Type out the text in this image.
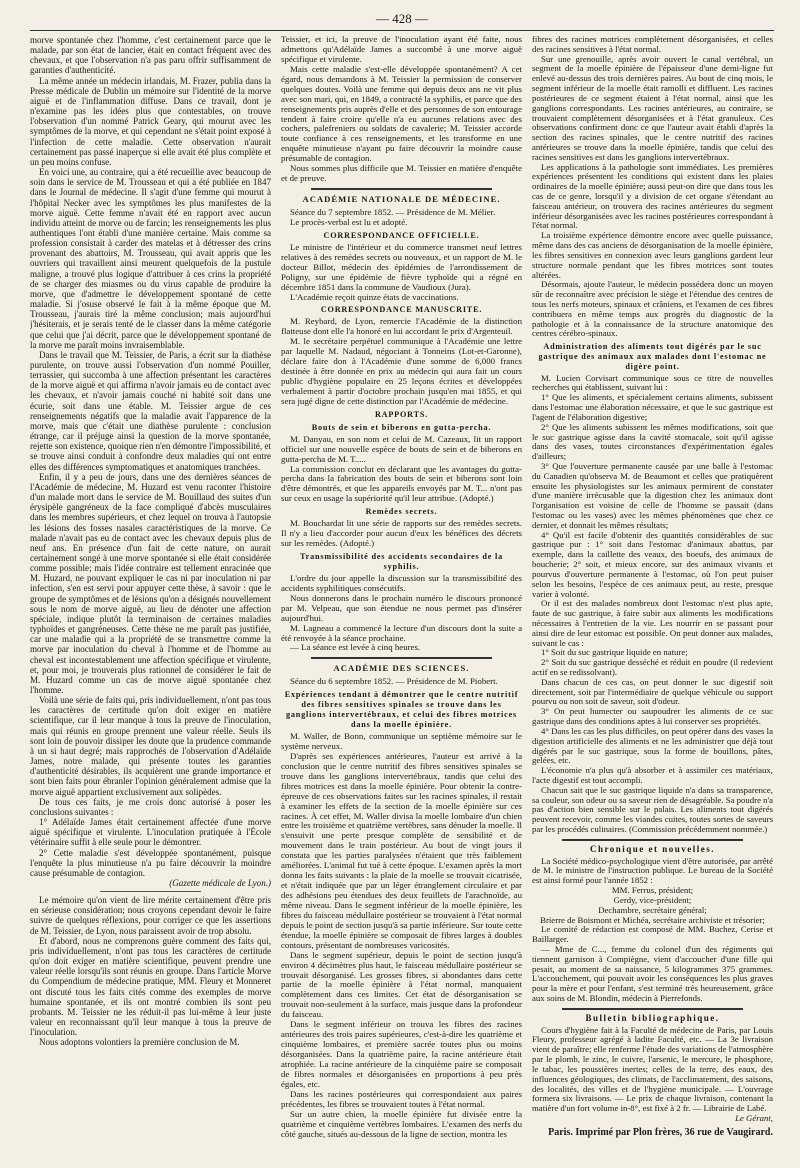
— 428 —

morve spontanée chez l'homme, c'est certainement parce que le malade, par son état de lancier, était en contact fréquent avec des chevaux, et que l'observation n'a pas paru offrir suffisamment de garanties d'authenticité.

La même année un médecin irlandais, M. Frazer, publia dans la Presse médicale de Dublin un mémoire sur l'identité de la morve aiguë et de l'inflammation diffuse. Dans ce travail, dont je n'examine pas les idées plus que contestables, on trouve l'observation d'un nommé Patrick Geary, qui mourut avec les symptômes de la morve, et qui cependant ne s'était point exposé à l'infection de cette maladie. Cette observation n'aurait certainement pas passé inaperçue si elle avait été plus complète et un peu moins confuse.

En voici une, au contraire, qui a été recueillie avec beaucoup de soin dans le service de M. Trousseau et qui a été publiée en 1847 dans le Journal de médecine. Il s'agit d'une femme qui mourut à l'hôpital Necker avec les symptômes les plus manifestes de la morve aiguë. Cette femme n'avait été en rapport avec aucun individu atteint de morve ou de farcin; les renseignements les plus authentiques l'ont établi d'une manière certaine. Mais comme sa profession consistait à carder des matelas et à détresser des crins provenant des abattoirs, M. Trousseau, qui avait appris que les ouvriers qui travaillent ainsi meurent quelquefois de la pustule maligne, a trouvé plus logique d'attribuer à ces crins la propriété de se charger des miasmes ou du virus capable de produire la morve, que d'admettre le développement spontané de cette maladie. Si j'osuse observé le fait à la même époque que M. Trousseau, j'aurais tiré la même conclusion; mais aujourd'hui j'hésiterais, et je serais tenté de le classer dans la même catégorie que celui que j'ai décrit, parce que le développement spontané de la morve me paraît moins invraisemblable.

Dans le travail que M. Teissier, de Paris, a écrit sur la diathèse purulente, on trouve aussi l'observation d'un nommé Pouiller, terrassier, qui succomba à une affection présentant les caractères de la morve aiguë et qui affirma n'avoir jamais eu de contact avec les chevaux, et n'avoir jamais couché ni habité soit dans une écurie, soit dans une étable. M. Teissier argue de ces renseignements négatifs que la maladie avait l'apparence de la morve, mais que c'était une diathèse purulente : conclusion étrange, car il préjuge ainsi la question de la morve spontanée, rejette son existence, quoique rien n'en démontre l'impossibilité, et se trouve ainsi conduit à confondre deux maladies qui ont entre elles des différences symptomatiques et anatomiques tranchées.

Enfin, il y a peu de jours, dans une des dernières séances de l'Académie de médecine, M. Huzard est venu raconter l'histoire d'un malade mort dans le service de M. Bouillaud des suites d'un érysipèle gangréneux de la face compliqué d'abcès musculaires dans les membres supérieurs, et chez lequel on trouva à l'autopsie les lésions des fosses nasales caractéristiques de la morve. Ce malade n'avait pas eu de contact avec les chevaux depuis plus de neuf ans. En présence d'un fait de cette nature, on aurait certainement songé à une morve spontanée si elle était considérée comme possible; mais l'idée contraire est tellement enracinée que M. Huzard, ne pouvant expliquer le cas ni par inoculation ni par infection, s'en est servi pour appuyer cette thèse, à savoir : que le groupe de symptômes et de lésions qu'on a désignés nouvellement sous le nom de morve aiguë, au lieu de dénoter une affection spéciale, indique plutôt la terminaison de certaines maladies typhoïdes et gangréneuses. Cette thèse ne me paraît pas justifiée, car une maladie qui a la propriété de se transmettre comme la morve par inoculation du cheval à l'homme et de l'homme au cheval est incontestablement une affection spécifique et virulente, et, pour moi, je trouverais plus rationnel de considérer le fait de M. Huzard comme un cas de morve aiguë spontanée chez l'homme.

Voilà une série de faits qui, pris individuellement, n'ont pas tous les caractères de certitude qu'on doit exiger en matière scientifique, car il leur manque à tous la preuve de l'inoculation, mais qui réunis en groupe prennent une valeur réelle. Seuls ils sont loin de pouvoir dissiper les doute que la prudence commande à un si haut degré; mais rapprochés de l'observation d'Adélaïde James, notre malade, qui présente toutes les garanties d'authenticité désirables, ils acquièrent une grande importance et sont bien faits pour ébranler l'opinion généralement admise que la morve aiguë appartient exclusivement aux solipèdes.

De tous ces faits, je me crois donc autorisé à poser les conclusions suivantes :

1° Adélaïde James était certainement affectée d'une morve aiguë spécifique et virulente. L'inoculation pratiquée à l'École vétérinaire suffit à elle seule pour le démontrer.

2° Cette maladie s'est développée spontanément, puisque l'enquête la plus minutieuse n'a pu faire découvrir la moindre cause présumable de contagion.

(Gazette médicale de Lyon.)

Le mémoire qu'on vient de lire mérite certainement d'être pris en sérieuse considération; nous croyons cependant devoir le faire suivre de quelques réflexions, pour corriger ce que les assertions de M. Teissier, de Lyon, nous paraissent avoir de trop absolu.

Et d'abord, nous ne comprenons guère comment des faits qui, pris individuellement, n'ont pas tous les caractères de certitude qu'on doit exiger en matière scientifique, peuvent prendre une valeur réelle lorsqu'ils sont réunis en groupe. Dans l'article Morve du Compendium de médecine pratique, MM. Fleury et Monneret ont discuté tous les faits cités comme des exemples de morve humaine spontanée, et ils ont montré combien ils sont peu probants. M. Teissier ne les réduit-il pas lui-même à leur juste valeur en reconnaissant qu'il leur manque à tous la preuve de l'inoculation.

Nous adoptons volontiers la première conclusion de M.

Teissier, et ici, la preuve de l'inoculation ayant été faite, nous admettons qu'Adélaïde James a succombé à une morve aiguë spécifique et virulente.

Mais cette maladie s'est-elle développée spontanément? A cet égard, nous demandons à M. Teissier la permission de conserver quelques doutes. Voilà une femme qui depuis deux ans ne vit plus avec son mari, qui, en 1849, a contracté la syphilis, et parce que des renseignements pris auprès d'elle et des personnes de son entourage tendent à faire croire qu'elle n'a eu aucunes relations avec des cochers, palefreniers ou soldats de cavalerie; M. Teissier accorde toute confiance à ces renseignements, et les transforme en une enquête minutieuse n'ayant pu faire découvrir la moindre cause présumable de contagion.

Nous sommes plus difficile que M. Teissier en matière d'enquête et de preuve.

ACADÉMIE NATIONALE DE MÉDECINE.

Séance du 7 septembre 1852. — Présidence de M. Mélier.

Le procès-verbal est lu et adopté.

CORRESPONDANCE OFFICIELLE.

Le ministre de l'intérieur et du commerce transmet neuf lettres relatives à des remèdes secrets ou nouveaux, et un rapport de M. le docteur Billot, médecin des épidémies de l'arrondissement de Poligny, sur une épidémie de fièvre typhoïde qui a régné en décembre 1851 dans la commune de Vaudioux (Jura).

L'Académie reçoit quinze états de vaccinations.

CORRESPONDANCE MANUSCRITE.

M. Reybard, de Lyon, remercie l'Académie de la distinction flatteuse dont elle l'a honoré en lui accordant le prix d'Argenteuil.

M. le secrétaire perpétuel communique à l'Académie une lettre par laquelle M. Nadaud, négociant à Tonneins (Lot-et-Garonne), déclare faire don à l'Académie d'une somme de 6,000 francs destinée à être donnée en prix au médecin qui aura fait un cours public d'hygiène populaire en 25 leçons écrites et développées verbalement à partir d'octobre prochain jusqu'en mai 1855, et qui sera jugé digne de cette distinction par l'Académie de médecine.

RAPPORTS.
Bouts de sein et biberons en gutta-percha.

M. Danyau, en son nom et celui de M. Cazeaux, lit un rapport officiel sur une nouvelle espèce de bouts de sein et de biberons en gutta-percha de M. T.....

La commission conclut en déclarant que les avantages du gutta-percha dans la fabrication des bouts de sein et biberons sont loin d'être démontrés, et que les appareils envoyés par M. T... n'ont pas sur ceux en usage la supériorité qu'il leur attribue. (Adopté.)

Remèdes secrets.

M. Bouchardat lit une série de rapports sur des remèdes secrets. Il n'y a lieu d'accorder pour aucun d'eux les bénéfices des décrets sur les remèdes. (Adopté.)

Transmissibilité des accidents secondaires de la syphilis.

L'ordre du jour appelle la discussion sur la transmissibilité des accidents syphilitiques consécutifs.

Nous donnerons dans le prochain numéro le discours prononcé par M. Velpeau, que son étendue ne nous permet pas d'insérer aujourd'hui.

M. Lagneau a commencé la lecture d'un discours dont la suite a été renvoyée à la séance prochaine.

— La séance est levée à cinq heures.

ACADÉMIE DES SCIENCES.

Séance du 6 septembre 1852. — Présidence de M. Piobert.

Expériences tendant à démontrer que le centre nutritif des fibres sensitives spinales se trouve dans les ganglions intervertébraux, et celui des fibres motrices dans la moelle épinière.

M. Waller, de Bonn, communique un septième mémoire sur le système nerveux.

D'après ses expériences antérieures, l'auteur est arrivé à la conclusion que le centre nutritif des fibres sensitives spinales se trouve dans les ganglions intervertébraux, tandis que celui des fibres motrices est dans la moelle épinière. Pour obtenir la contre-épreuve de ces observations faites sur les racines spinales, il restait à examiner les effets de la section de la moelle épinière sur ces racines. À cet effet, M. Waller divisa la moelle lombaire d'un chien entre les troisième et quatrième vertèbres, sans dénuder la moelle. Il s'ensuivit une perte presque complète de sensibilité et de mouvement dans le train postérieur. Au bout de vingt jours il constata que les parties paralysées n'étaient que très faiblement améliorées. L'animal fut tué à cette époque. L'examen après la mort donna les faits suivants : la plaie de la moelle se trouvait cicatrisée, et n'était indiquée que par un léger étranglement circulaire et par des adhésions peu étendues des deux feuillets de l'arachnoïde, au même niveau. Dans le segment inférieur de la moelle épinière, les fibres du faisceau médullaire postérieur se trouvaient à l'état normal depuis le point de section jusqu'à sa partie inférieure. Sur toute cette étendue, la moelle épinière se composait de fibres larges à doubles contours, présentant de nombreuses varicosités.

Dans le segment supérieur, depuis le point de section jusqu'à environ 4 décimètres plus haut, le faisceau médullaire postérieur se trouvait désorganisé. Les grosses fibres, si abondantes dans cette partie de la moelle épinière à l'état normal, manquaient complètement dans ces limites. Cet état de désorganisation se trouvait non-seulement à la surface, mais jusque dans la profondeur du faisceau.

Dans le segment inférieur on trouva les fibres des racines antérieures des trois paires supérieures, c'est-à-dire les quatrième et cinquième lombaires, et première sacrée toutes plus ou moins désorganisées. Dans la quatrième paire, la racine antérieure était atrophiée. La racine antérieure de la cinquième paire se composait de fibres normales et désorganisées en proportions à peu près égales, etc.

Dans les racines postérieures qui correspondaient aux paires précédentes, les fibres se trouvaient toutes à l'état normal.

Sur un autre chien, la moelle épinière fut divisée entre la quatrième et cinquième vertèbres lombaires. L'examen des nerfs du côté gauche, situés au-dessous de la ligne de section, montra les

fibres des racines motrices complètement désorganisées, et celles des racines sensitives à l'état normal.

Sur une grenouille, après avoir ouvert le canal vertébral, un segment de la moelle épinière de l'épaisseur d'une demi-ligne fut enlevé au-dessus des trois dernières paires. Au bout de cinq mois, le segment inférieur de la moelle était ramolli et diffluent. Les racines postérieures de ce segment étaient à l'état normal, ainsi que les ganglions correspondants. Les racines antérieures, au contraire, se trouvaient complètement désorganisées et à l'état granuleux. Ces observations confirment donc ce que l'auteur avait établi d'après la section des racines spinales, que le centre nutritif des racines antérieures se trouve dans la moelle épinière, tandis que celui des racines sensitives est dans les ganglions intervertébraux.

Les applications à la pathologie sont immédiates. Les premières expériences présentent les conditions qui existent dans les plaies ordinaires de la moelle épinière; aussi peut-on dire que dans tous les cas de ce genre, lorsqu'il y a division de cet organe s'étendant au faisceau antérieur, on trouvera des racines antérieures du segment inférieur désorganisées avec les racines postérieures correspondant à l'état normal.

La troisième expérience démontre encore avec quelle puissance, même dans des cas anciens de désorganisation de la moelle épinière, les fibres sensitives en connexion avec leurs ganglions gardent leur structure normale pendant que les fibres motrices sont toutes altérées.

Désormais, ajoute l'auteur, le médecin possédera donc un moyen sûr de reconnaître avec précision le siège et l'étendue des centres de tous les nerfs moteurs, spinaux et crâniens, et l'examen de ces fibres contribuera en même temps aux progrès du diagnostic de la pathologie et à la connaissance de la structure anatomique des centres cérébro-spinaux.

Administration des aliments tout digérés par le suc gastrique des animaux aux malades dont l'estomac ne digère point.

M. Lucien Corvisart communique sous ce titre de nouvelles recherches qui établissent, suivant lui :

1° Que les aliments, et spécialement certains aliments, subissent dans l'estomac une élaboration nécessaire, et que le suc gastrique est l'agent de l'élaboration digestive;

2° Que les aliments subissent les mêmes modifications, soit que le suc gastrique agisse dans la cavité stomacale, soit qu'il agisse dans des vases, toutes circonstances d'expérimentation égales d'ailleurs;

3° Que l'ouverture permanente causée par une balle à l'estomac du Canadien qu'observa M. de Beaumont et celles que pratiquèrent ensuite les physiologistes sur les animaux permirent de constater d'une manière irrécusable que la digestion chez les animaux dont l'organisation est voisine de celle de l'homme se passait (dans l'estomac ou les vases) avec les mêmes phénomènes que chez ce dernier, et donnait les mêmes résultats;

4° Qu'il est facile d'obtenir des quantités considérables de suc gastrique pur : 1° soit dans l'estomac d'animaux abattus, par exemple, dans la caillette des veaux, des boeufs, des animaux de boucherie; 2° soit, et mieux encore, sur des animaux vivants et pourvus d'ouverture permanente à l'estomac, où l'on peut puiser selon les besoins, l'espèce de ces animaux peut, au reste, presque varier à volonté.

Or il est des malades nombreux dont l'estomac n'est plus apte, faute de suc gastrique, à faire subir aux aliments les modifications nécessaires à l'entretien de la vie. Les nourrir en se passant pour ainsi dire de leur estomac est possible. On peut donner aux malades, suivant le cas :

1° Soit du suc gastrique liquide en nature;

2° Soit du suc gastrique desséché et réduit en poudre (il redevient actif en se redissolvant).

Dans chacun de ces cas, on peut donner le suc digestif soit directement, soit par l'intermédiaire de quelque véhicule ou support pourvu ou non soit de saveur, soit d'odeur.

3° On peut humecter ou saupoudrer les aliments de ce suc gastrique dans des conditions aptes à lui conserver ses propriétés.

4° Dans les cas les plus difficiles, on peut opérer dans des vases la digestion artificielle des aliments et ne les administrer que déjà tout digérés par le suc gastrique, sous la forme de bouillons, pâtes, gelées, etc.

L'économie n'a plus qu'à absorber et à assimiler ces matériaux, l'acte digestif est tout accompli.

Chacun sait que le suc gastrique liquide n'a dans sa transparence, sa couleur, son odeur ou sa saveur rien de désagréable. Sa poudre n'a pas d'action bien sensible sur le palais. Les aliments tout digérés peuvent recevoir, comme les viandes cuites, toutes sortes de saveurs par les procédés culinaires. (Commission précédemment nommée.)

Chronique et nouvelles.

La Société médico-psychologique vient d'être autorisée, par arrêté de M. le ministre de l'instruction publique. Le bureau de la Société est ainsi formé pour l'année 1852 :

MM. Ferrus, président;

Gerdy, vice-président;

Dechambre, secrétaire général;

Brierre de Boismont et Michéa, secrétaire archiviste et trésorier;

Le comité de rédaction est composé de MM. Buchez, Cerise et Baillarger.

— Mme de C..., femme du colonel d'un des régiments qui tiennent garnison à Compiègne, vient d'accoucher d'une fille qui pesait, au moment de sa naissance, 5 kilogrammes 375 grammes. L'accouchement, qui pouvait avoir les conséquences les plus graves pour la mère et pour l'enfant, s'est terminé très heureusement, grâce aux soins de M. Blondin, médecin à Pierrefonds.

Bulletin bibliographique.

Cours d'hygiène fait à la Faculté de médecine de Paris, par Louis Fleury, professeur agrégé à ladite Faculté, etc. — La 3e livraison vient de paraître; elle renferme l'étude des variations de l'atmosphère par le plomb, le zinc, le cuivre, l'arsenic, le mercure, le phosphore, le tabac, les poussières inertes; celles de la terre, des eaux, des influences géologiques, des climats, de l'acclimatement, des saisons, des localités, des villes et de l'hygiène municipale. — L'ouvrage formera six livraisons. — Le prix de chaque livraison, contenant la matière d'un fort volume in-8°, est fixé à 2 fr. — Librairie de Labé.

Le Gérant,

Paris. Imprimé par Plon frères, 36 rue de Vaugirard.
